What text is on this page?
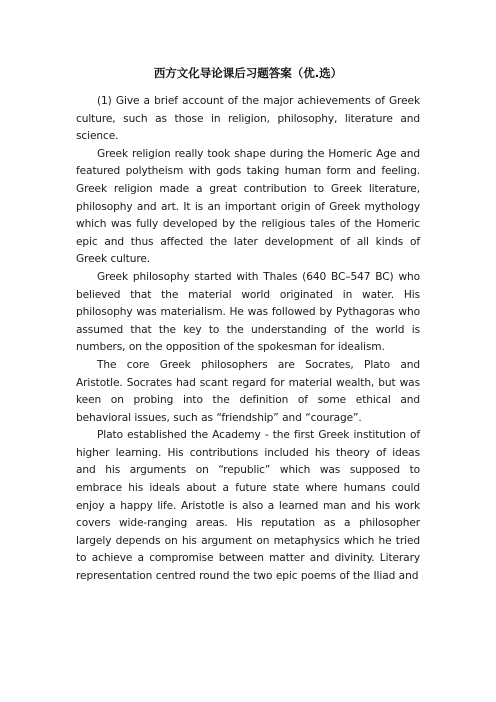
西方文化导论课后习题答案（优.选）

(1) Give a brief account of the major achievements of Greek culture, such as those in religion, philosophy, literature and science.

Greek religion really took shape during the Homeric Age and featured polytheism with gods taking human form and feeling. Greek religion made a great contribution to Greek literature, philosophy and art. It is an important origin of Greek mythology which was fully developed by the religious tales of the Homeric epic and thus affected the later development of all kinds of Greek culture.

Greek philosophy started with Thales (640 BC–547 BC) who believed that the material world originated in water. His philosophy was materialism. He was followed by Pythagoras who assumed that the key to the understanding of the world is numbers, on the opposition of the spokesman for idealism.

The core Greek philosophers are Socrates, Plato and Aristotle. Socrates had scant regard for material wealth, but was keen on probing into the definition of some ethical and behavioral issues, such as “friendship” and “courage”.

Plato established the Academy - the first Greek institution of higher learning. His contributions included his theory of ideas and his arguments on “republic” which was supposed to embrace his ideals about a future state where humans could enjoy a happy life. Aristotle is also a learned man and his work covers wide-ranging areas. His reputation as a philosopher largely depends on his argument on metaphysics which he tried to achieve a compromise between matter and divinity. Literary representation centred round the two epic poems of the Iliad and
